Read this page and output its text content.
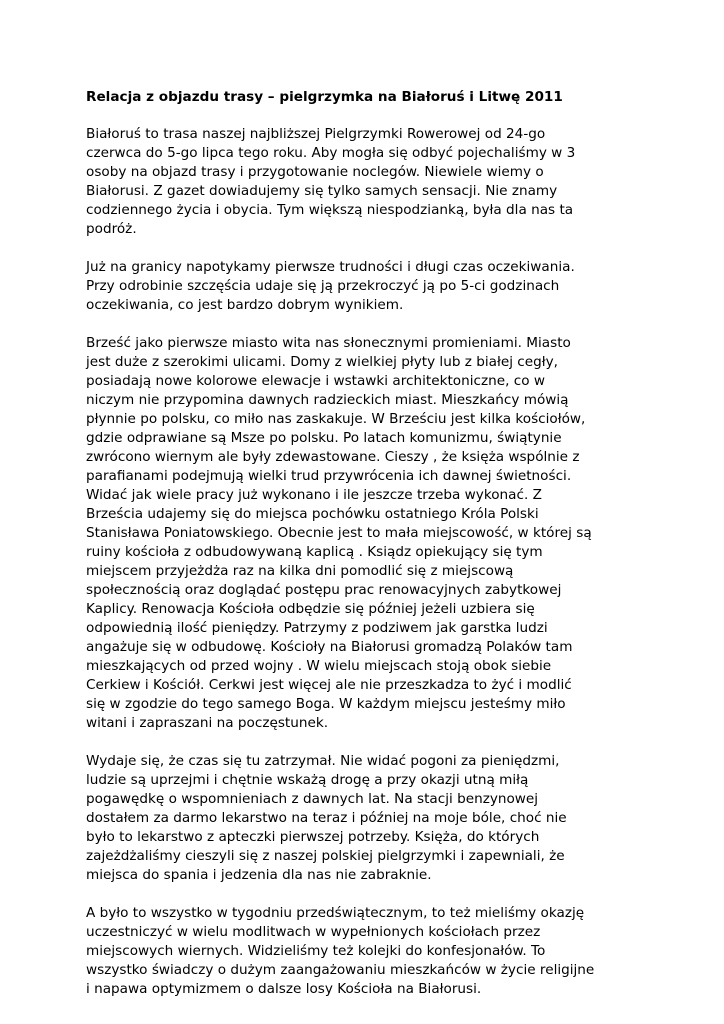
Relacja z objazdu trasy – pielgrzymka na Białoruś i Litwę 2011
Białoruś to trasa naszej najbliższej Pielgrzymki Rowerowej od 24-go
czerwca do 5-go lipca tego roku. Aby mogła się odbyć pojechaliśmy w 3
osoby na objazd trasy i przygotowanie noclegów. Niewiele wiemy o
Białorusi. Z gazet dowiadujemy się tylko samych sensacji. Nie znamy
codziennego życia i obycia. Tym większą niespodzianką, była dla nas ta
podróż.
Już na granicy napotykamy pierwsze trudności i długi czas oczekiwania.
Przy odrobinie szczęścia udaje się ją przekroczyć ją po 5-ci godzinach
oczekiwania, co jest bardzo dobrym wynikiem.
Brześć jako pierwsze miasto wita nas słonecznymi promieniami. Miasto
jest duże z szerokimi ulicami. Domy z wielkiej płyty lub z białej cegły,
posiadają nowe kolorowe elewacje i wstawki architektoniczne, co w
niczym nie przypomina dawnych radzieckich miast. Mieszkańcy mówią
płynnie po polsku, co miło nas zaskakuje. W Brześciu jest kilka kościołów,
gdzie odprawiane są Msze po polsku. Po latach komunizmu, świątynie
zwrócono wiernym ale były zdewastowane. Cieszy , że księża wspólnie z
parafianami podejmują wielki trud przywrócenia ich dawnej świetności.
Widać jak wiele pracy już wykonano i ile jeszcze trzeba wykonać. Z
Brześcia udajemy się do miejsca pochówku ostatniego Króla Polski
Stanisława Poniatowskiego. Obecnie jest to mała miejscowość, w której są
ruiny kościoła z odbudowywaną kaplicą . Ksiądz opiekujący się tym
miejscem przyjeżdża raz na kilka dni pomodlić się z miejscową
społecznością oraz doglądać postępu prac renowacyjnych zabytkowej
Kaplicy. Renowacja Kościoła odbędzie się później jeżeli uzbiera się
odpowiednią ilość pieniędzy. Patrzymy z podziwem jak garstka ludzi
angażuje się w odbudowę. Kościoły na Białorusi gromadzą Polaków tam
mieszkających od przed wojny . W wielu miejscach stoją obok siebie
Cerkiew i Kościół. Cerkwi jest więcej ale nie przeszkadza to żyć i modlić
się w zgodzie do tego samego Boga. W każdym miejscu jesteśmy miło
witani i zapraszani na poczęstunek.
Wydaje się, że czas się tu zatrzymał. Nie widać pogoni za pieniędzmi,
ludzie są uprzejmi i chętnie wskażą drogę a przy okazji utną miłą
pogawędkę o wspomnieniach z dawnych lat. Na stacji benzynowej
dostałem za darmo lekarstwo na teraz i później na moje bóle, choć nie
było to lekarstwo z apteczki pierwszej potrzeby. Księża, do których
zajeżdżaliśmy cieszyli się z naszej polskiej pielgrzymki i zapewniali, że
miejsca do spania i jedzenia dla nas nie zabraknie.
A było to wszystko w tygodniu przedświątecznym, to też mieliśmy okazję
uczestniczyć w wielu modlitwach w wypełnionych kościołach przez
miejscowych wiernych. Widzieliśmy też kolejki do konfesjonałów. To
wszystko świadczy o dużym zaangażowaniu mieszkańców w życie religijne
i napawa optymizmem o dalsze losy Kościoła na Białorusi.
